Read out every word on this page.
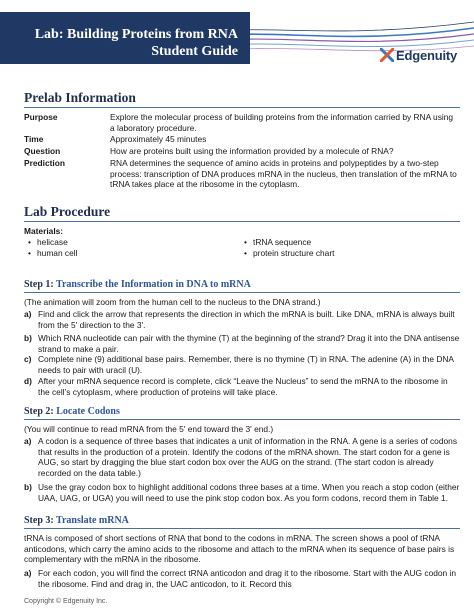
Lab: Building Proteins from RNA
Student Guide	Edgenuity
Prelab Information
Purpose	Explore the molecular process of building proteins from the information carried by RNA using a laboratory procedure.
Time	Approximately 45 minutes
Question	How are proteins built using the information provided by a molecule of RNA?
Prediction	RNA determines the sequence of amino acids in proteins and polypeptides by a two-step process: transcription of DNA produces mRNA in the nucleus, then translation of the mRNA to tRNA takes place at the ribosome in the cytoplasm.
Lab Procedure
Materials:
• helicase
• human cell
• tRNA sequence
• protein structure chart
Step 1: Transcribe the Information in DNA to mRNA
(The animation will zoom from the human cell to the nucleus to the DNA strand.)
a) Find and click the arrow that represents the direction in which the mRNA is built. Like DNA, mRNA is always built from the 5' direction to the 3'.
b) Which RNA nucleotide can pair with the thymine (T) at the beginning of the strand? Drag it into the DNA antisense strand to make a pair.
c) Complete nine (9) additional base pairs. Remember, there is no thymine (T) in RNA. The adenine (A) in the DNA needs to pair with uracil (U).
d) After your mRNA sequence record is complete, click “Leave the Nucleus” to send the mRNA to the ribosome in the cell’s cytoplasm, where production of proteins will take place.
Step 2: Locate Codons
(You will continue to read mRNA from the 5' end toward the 3' end.)
a) A codon is a sequence of three bases that indicates a unit of information in the RNA. A gene is a series of codons that results in the production of a protein. Identify the codons of the mRNA shown. The start codon for a gene is AUG, so start by dragging the blue start codon box over the AUG on the strand. (The start codon is already recorded on the data table.)
b) Use the gray codon box to highlight additional codons three bases at a time. When you reach a stop codon (either UAA, UAG, or UGA) you will need to use the pink stop codon box. As you form codons, record them in Table 1.
Step 3: Translate mRNA
tRNA is composed of short sections of RNA that bond to the codons in mRNA. The screen shows a pool of tRNA anticodons, which carry the amino acids to the ribosome and attach to the mRNA when its sequence of base pairs is complementary with the mRNA in the ribosome.
a) For each codon, you will find the correct tRNA anticodon and drag it to the ribosome. Start with the AUG codon in the ribosome. Find and drag in, the UAC anticodon, to it. Record this
Copyright © Edgenuity Inc.
